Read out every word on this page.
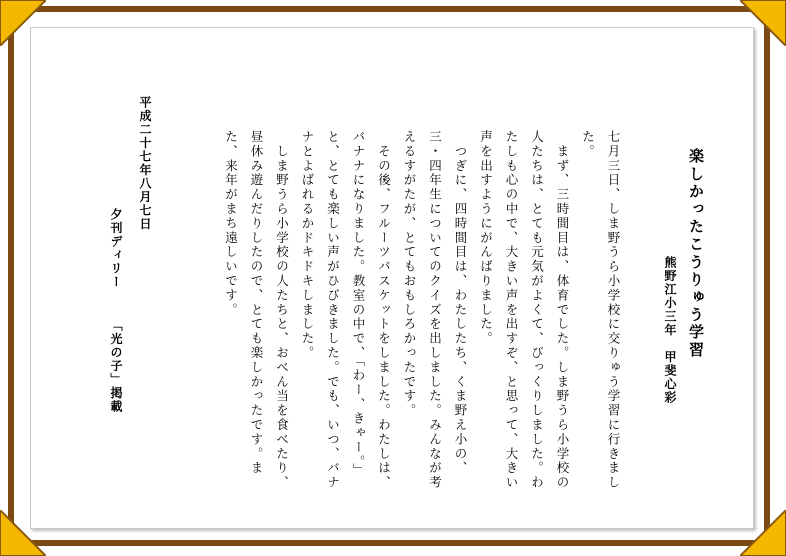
楽しかったこうりゅう学習
熊野江小三年　甲斐心彩

七月三日、しま野うら小学校に交りゅう学習に行きました。

　まず、三時間目は、体育でした。しま野うら小学校の人たちは、とても元気がよくて、びっくりしました。わたしも心の中で、大きい声を出すぞ、と思って、大きい声を出すようにがんばりました。

　つぎに、四時間目は、わたしたち、くま野え小の、三・四年生についてのクイズを出しました。みんなが考えるすがたが、とてもおもしろかったです。

　その後、フルーツバスケットをしました。わたしは、バナナになりました。教室の中で、「わー、きゃー。」と、とても楽しい声がひびきました。でも、いつ、バナナとよばれるかドキドキしました。

　しま野うら小学校の人たちと、おべん当を食べたり、昼休み遊んだりしたので、とても楽しかったです。また、来年がまち遠しいです。

平成二十七年八月七日
夕刊ディリー「光の子」掲載
